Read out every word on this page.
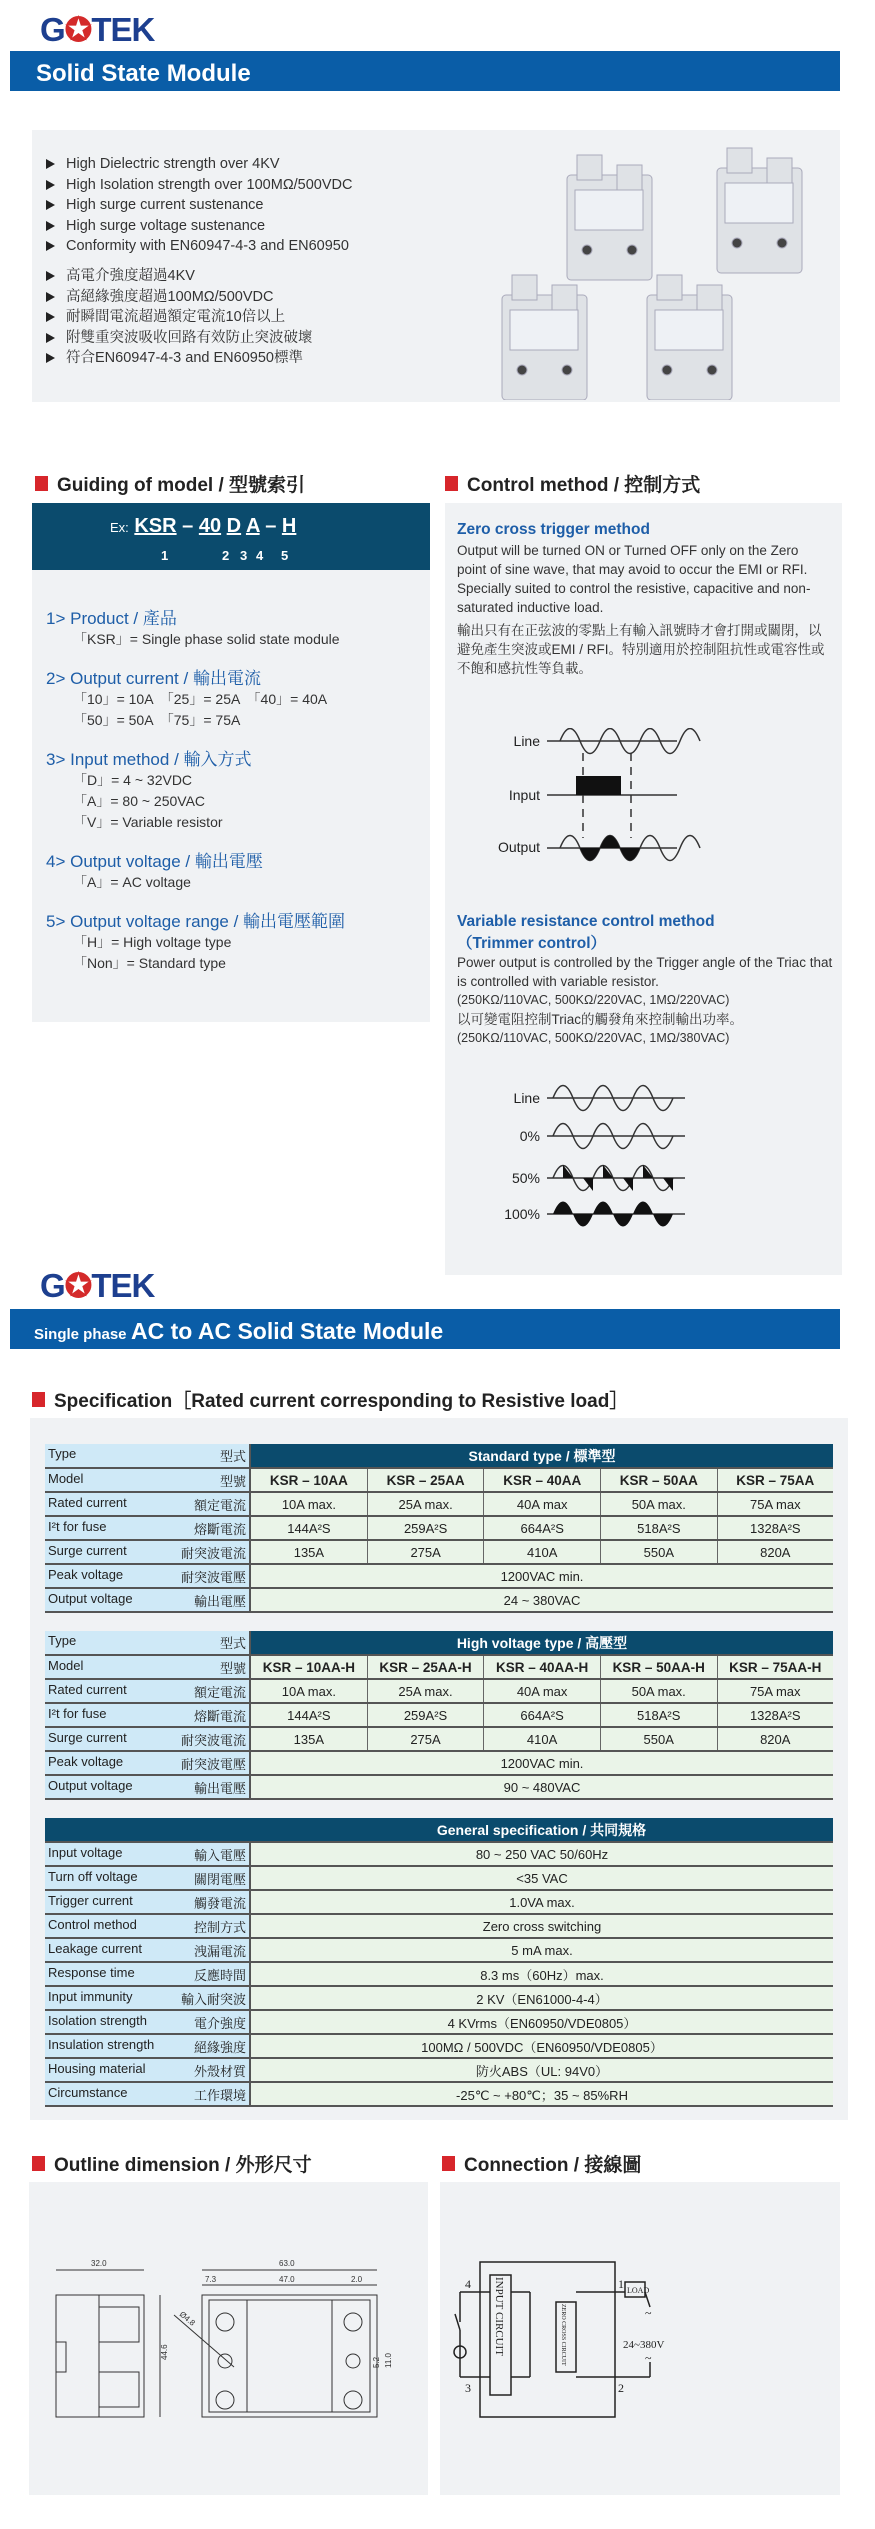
G✪TEK
Solid State Module
High Dielectric strength over 4KV
High Isolation strength over 100MΩ/500VDC
High surge current sustenance
High surge voltage sustenance
Conformity with EN60947-4-3 and EN60950
高電介強度超過4KV
高絕緣強度超過100MΩ/500VDC
耐瞬間電流超過額定電流10倍以上
附雙重突波吸收回路有效防止突波破壞
符合EN60947-4-3 and EN60950標準
Guiding of model / 型號索引	Control method / 控制方式
Ex: KSR – 40 D A – H
1	2 3 4 5
1> Product / 產品
「KSR」= Single phase solid state module
2> Output current / 輸出電流
「10」= 10A　「25」= 25A　「40」= 40A
「50」= 50A　「75」= 75A
3> Input method / 輸入方式
「D」= 4 ~ 32VDC
「A」= 80 ~ 250VAC
「V」= Variable resistor
4> Output voltage / 輸出電壓
「A」= AC voltage
5> Output voltage range / 輸出電壓範圍
「H」= High voltage type
「Non」= Standard type
Zero cross trigger method
Output will be turned ON or Turned OFF only on the Zero point of sine wave, that may avoid to occur the EMI or RFI. Specially suited to control the resistive, capacitive and non-saturated inductive load.
輸出只有在正弦波的零點上有輸入訊號時才會打開或關閉，以避免產生突波或EMI / RFI。特別適用於控制阻抗性或電容性或不飽和感抗性等負載。
Line
Input
Output
Variable resistance control method
（Trimmer control）
Power output is controlled by the Trigger angle of the Triac that is controlled with variable resistor.
(250KΩ/110VAC, 500KΩ/220VAC, 1MΩ/220VAC)
以可變電阻控制Triac的觸發角來控制輸出功率。
(250KΩ/110VAC, 500KΩ/220VAC, 1MΩ/380VAC)
Line
0%
50%
100%
G✪TEK
Single phase AC to AC Solid State Module
Specification［Rated current corresponding to Resistive load］
Type 型式	Standard type / 標準型				
Model 型號	KSR – 10AA	KSR – 25AA	KSR – 40AA	KSR – 50AA	KSR – 75AA
Rated current 額定電流	10A max.	25A max.	40A max	50A max.	75A max
I²t for fuse 熔斷電流	144A²S	259A²S	664A²S	518A²S	1328A²S
Surge current 耐突波電流	135A	275A	410A	550A	820A
Peak voltage 耐突波電壓	1200VAC min.				
Output voltage 輸出電壓	24 ~ 380VAC				
Type 型式	High voltage type / 高壓型				
Model 型號	KSR – 10AA-H	KSR – 25AA-H	KSR – 40AA-H	KSR – 50AA-H	KSR – 75AA-H
Rated current 額定電流	10A max.	25A max.	40A max	50A max.	75A max
I²t for fuse 熔斷電流	144A²S	259A²S	664A²S	518A²S	1328A²S
Surge current 耐突波電流	135A	275A	410A	550A	820A
Peak voltage 耐突波電壓	1200VAC min.				
Output voltage 輸出電壓	90 ~ 480VAC				
	General specification / 共同規格
Input voltage 輸入電壓	80 ~ 250 VAC 50/60Hz
Turn off voltage 關閉電壓	<35 VAC
Trigger current 觸發電流	1.0VA max.
Control method 控制方式	Zero cross switching
Leakage current 洩漏電流	5 mA max.
Response time 反應時間	8.3 ms（60Hz）max.
Input immunity 輸入耐突波	2 KV（EN61000-4-4）
Isolation strength 電介強度	4 KVrms（EN60950/VDE0805）
Insulation strength 絕緣強度	100MΩ / 500VDC（EN60950/VDE0805）
Housing material 外殼材質	防火ABS（UL: 94V0）
Circumstance 工作環境	-25℃ ~ +80℃；35 ~ 85%RH
Outline dimension / 外形尺寸	Connection / 接線圖
32.0	63.0
7.3	47.0	2.0
44.6
Ø4.8
5.2 11.0
INPUT CIRCUIT	ZERO CROSS CIRCUIT
LOAD
24~380V
4
3
1
2
~
~
